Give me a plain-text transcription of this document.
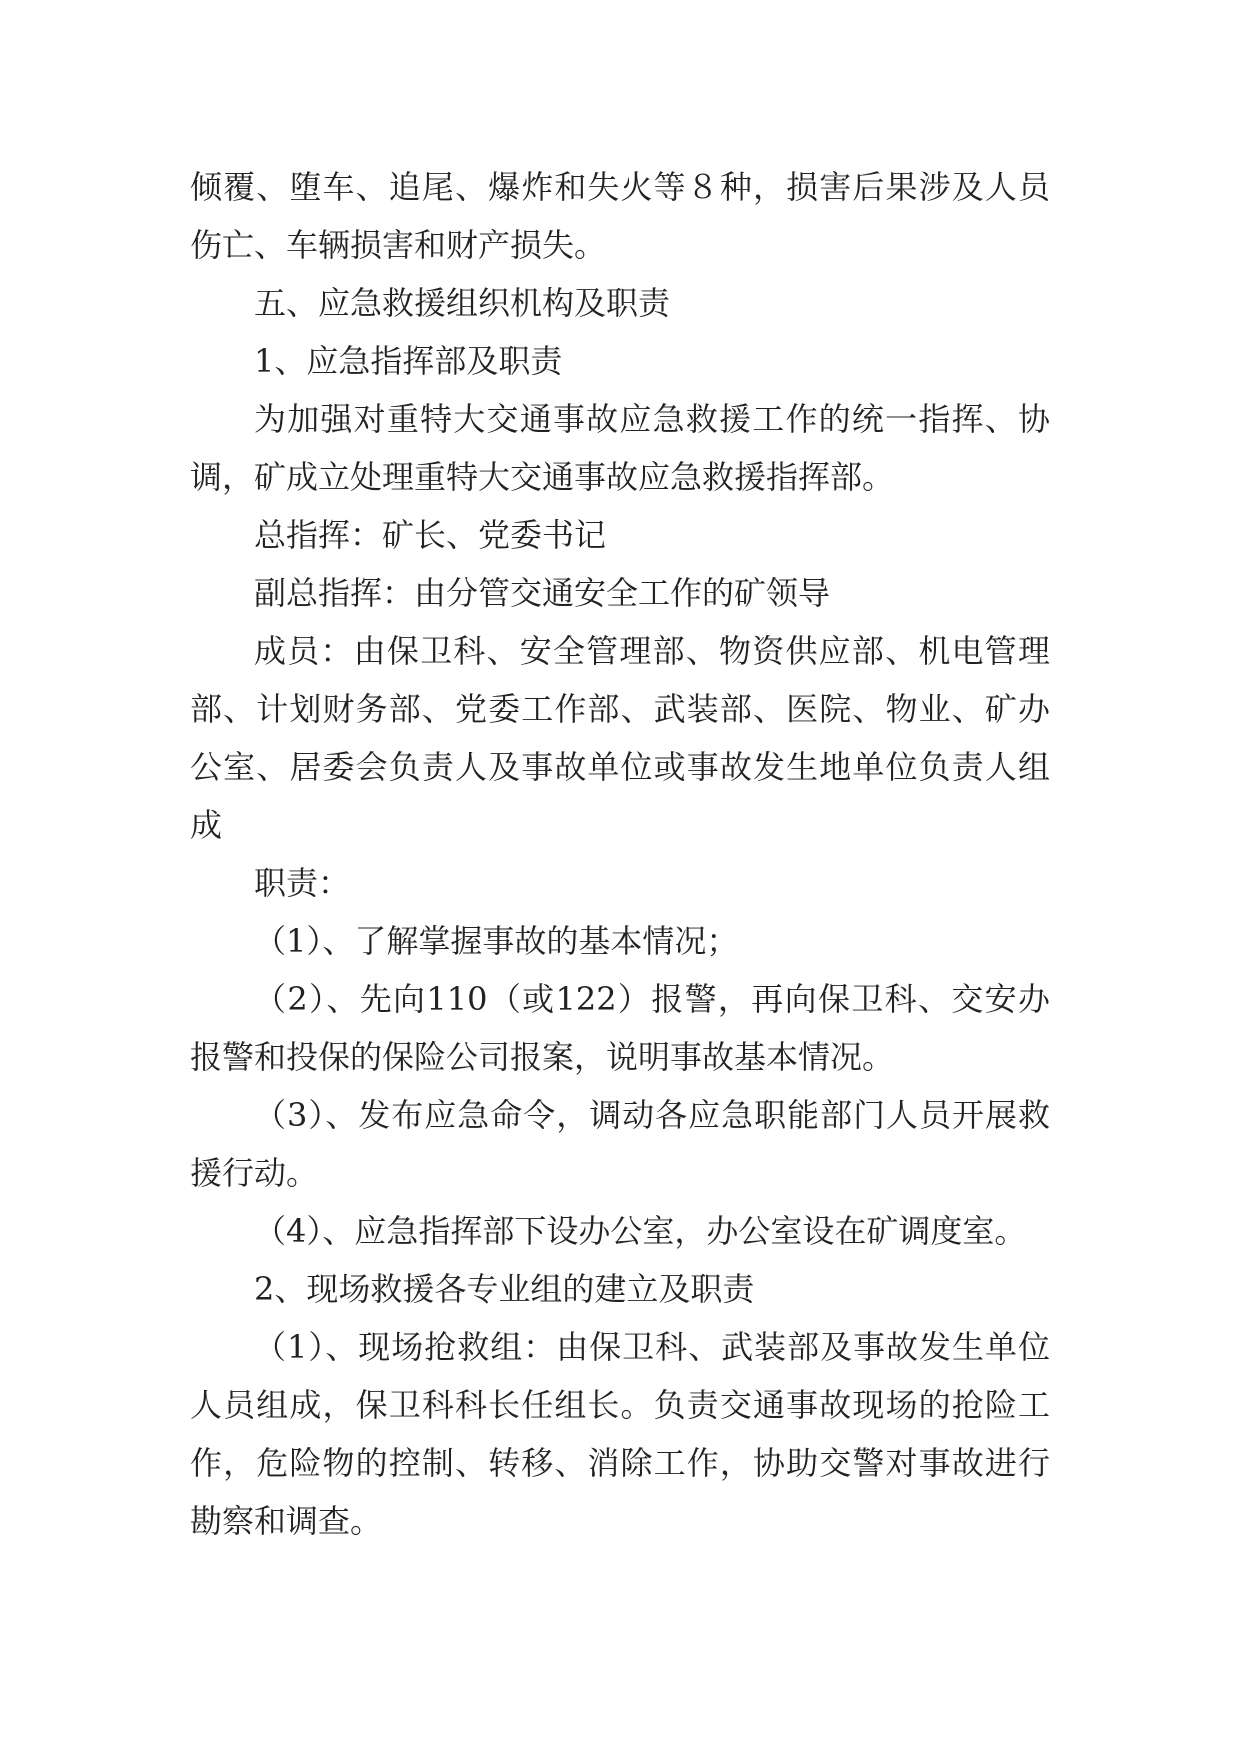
倾覆、堕车、追尾、爆炸和失火等８种，损害后果涉及人员伤亡、车辆损害和财产损失。

五、应急救援组织机构及职责

1、应急指挥部及职责

为加强对重特大交通事故应急救援工作的统一指挥、协调，矿成立处理重特大交通事故应急救援指挥部。

总指挥：矿长、党委书记

副总指挥：由分管交通安全工作的矿领导

成员：由保卫科、安全管理部、物资供应部、机电管理部、计划财务部、党委工作部、武装部、医院、物业、矿办公室、居委会负责人及事故单位或事故发生地单位负责人组成

职责：

（1）、了解掌握事故的基本情况；

（2）、先向110（或122）报警，再向保卫科、交安办报警和投保的保险公司报案，说明事故基本情况。

（3）、发布应急命令，调动各应急职能部门人员开展救援行动。

（4）、应急指挥部下设办公室，办公室设在矿调度室。

2、现场救援各专业组的建立及职责

（1）、现场抢救组：由保卫科、武装部及事故发生单位人员组成，保卫科科长任组长。负责交通事故现场的抢险工作，危险物的控制、转移、消除工作，协助交警对事故进行勘察和调查。
